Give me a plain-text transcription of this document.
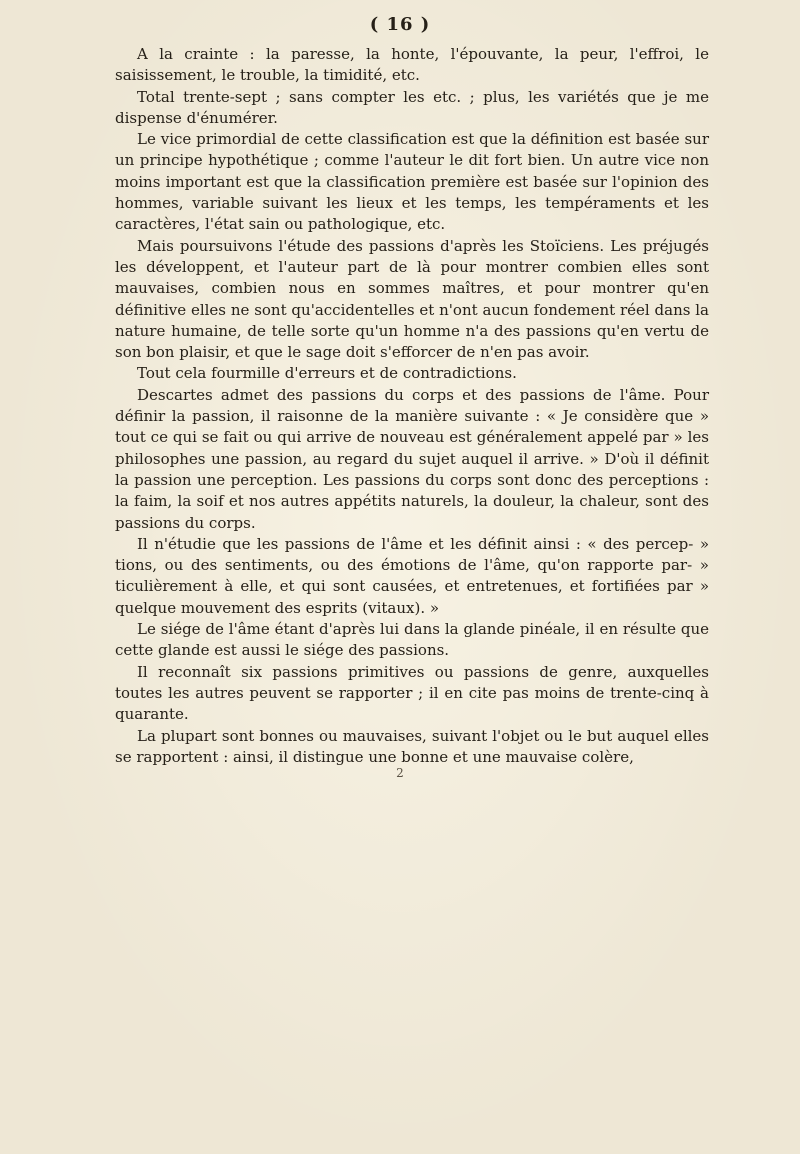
( 16 )

A la crainte : la paresse, la honte, l'épouvante, la peur, l'effroi, le saisissement, le trouble, la timidité, etc.

Total trente-sept ; sans compter les etc. ; plus, les variétés que je me dispense d'énumérer.

Le vice primordial de cette classification est que la définition est basée sur un principe hypothétique ; comme l'auteur le dit fort bien. Un autre vice non moins important est que la classification première est basée sur l'opinion des hommes, variable suivant les lieux et les temps, les tempéraments et les caractères, l'état sain ou pathologique, etc.

Mais poursuivons l'étude des passions d'après les Stoïciens. Les préjugés les développent, et l'auteur part de là pour montrer combien elles sont mauvaises, combien nous en sommes maîtres, et pour montrer qu'en définitive elles ne sont qu'accidentelles et n'ont aucun fondement réel dans la nature humaine, de telle sorte qu'un homme n'a des passions qu'en vertu de son bon plaisir, et que le sage doit s'efforcer de n'en pas avoir.

Tout cela fourmille d'erreurs et de contradictions.

Descartes admet des passions du corps et des passions de l'âme. Pour définir la passion, il raisonne de la manière suivante : « Je considère que » tout ce qui se fait ou qui arrive de nouveau est généralement appelé par » les philosophes une passion, au regard du sujet auquel il arrive. » D'où il définit la passion une perception. Les passions du corps sont donc des perceptions : la faim, la soif et nos autres appétits naturels, la douleur, la chaleur, sont des passions du corps.

Il n'étudie que les passions de l'âme et les définit ainsi : « des percep- » tions, ou des sentiments, ou des émotions de l'âme, qu'on rapporte par- » ticulièrement à elle, et qui sont causées, et entretenues, et fortifiées par » quelque mouvement des esprits (vitaux). »

Le siége de l'âme étant d'après lui dans la glande pinéale, il en résulte que cette glande est aussi le siége des passions.

Il reconnaît six passions primitives ou passions de genre, auxquelles toutes les autres peuvent se rapporter ; il en cite pas moins de trente-cinq à quarante.

La plupart sont bonnes ou mauvaises, suivant l'objet ou le but auquel elles se rapportent : ainsi, il distingue une bonne et une mauvaise colère,

2
